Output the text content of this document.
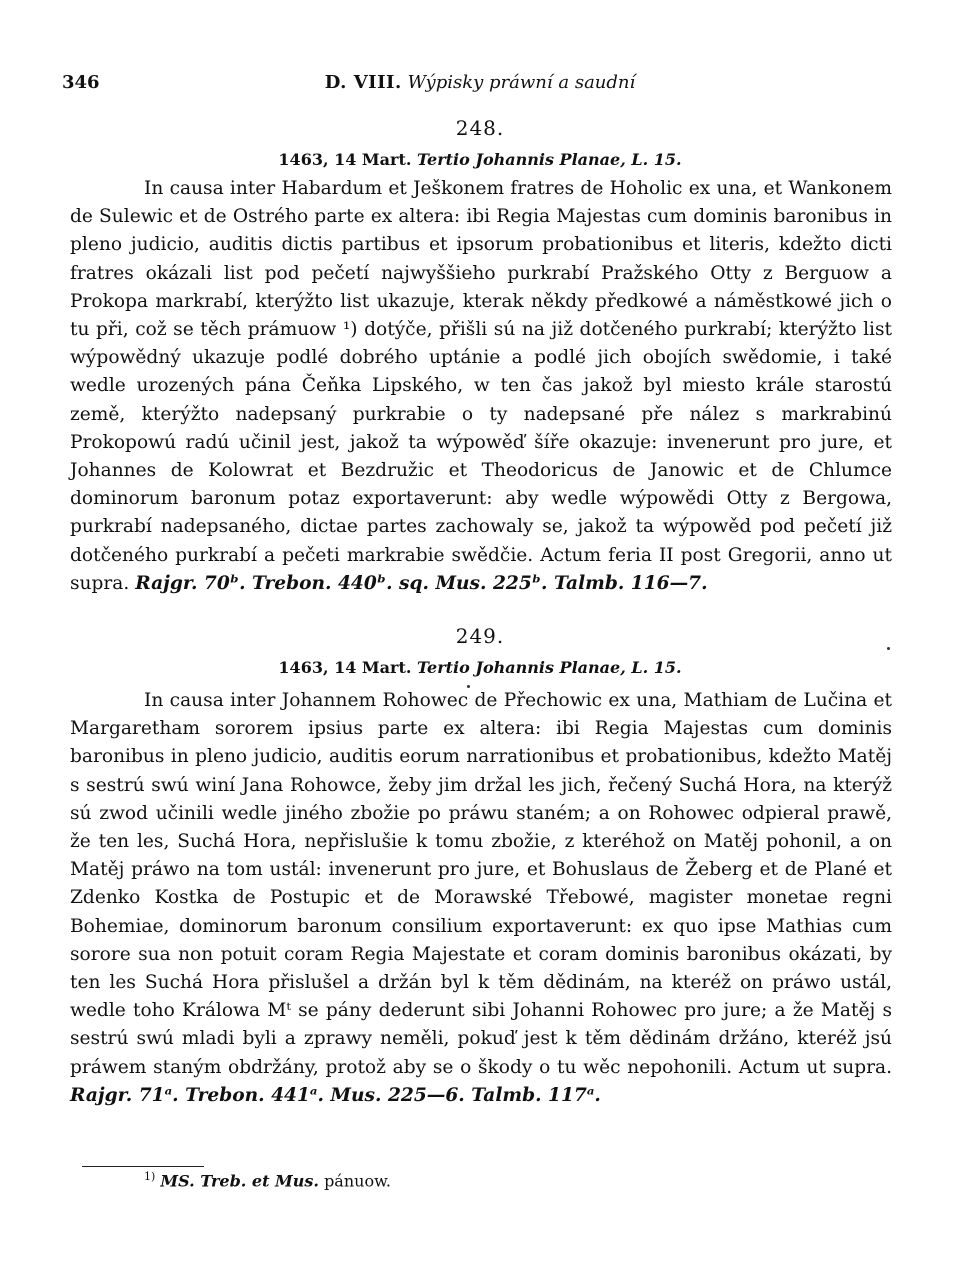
346	D. VIII. Wýpisky práwní a saudní
248.
1463, 14 Mart. Tertio Johannis Planae, L. 15.

In causa inter Habardum et Ješkonem fratres de Hoholic ex una, et Wankonem de Sulewic et de Ostrého parte ex altera: ibi Regia Majestas cum dominis baronibus in pleno judicio, auditis dictis partibus et ipsorum probationibus et literis, kdežto dicti fratres okázali list pod pečetí najwyššieho purkrabí Pražského Otty z Berguow a Prokopa markrabí, kterýžto list ukazuje, kterak někdy předkowé a náměstkowé jich o tu při, což se těch prámuow ¹) dotýče, přišli sú na již dotčeného purkrabí; kterýžto list wýpowědný ukazuje podlé dobrého uptánie a podlé jich obojích swědomie, i také wedle urozených pána Čeňka Lipského, w ten čas jakož byl miesto krále starostú země, kterýžto nadepsaný purkrabie o ty nadepsané pře nález s markrabinú Prokopowú radú učinil jest, jakož ta wýpowěď šíře okazuje: invenerunt pro jure, et Johannes de Kolowrat et Bezdružic et Theodoricus de Janowic et de Chlumce dominorum baronum potaz exportaverunt: aby wedle wýpowědi Otty z Bergowa, purkrabí nadepsaného, dictae partes zachowaly se, jakož ta wýpowěd pod pečetí již dotčeného purkrabí a pečeti markrabie swědčie. Actum feria II post Gregorii, anno ut supra. Rajgr. 70ᵇ. Trebon. 440ᵇ. sq. Mus. 225ᵇ. Talmb. 116—7.

249.
1463, 14 Mart. Tertio Johannis Planae, L. 15.

In causa inter Johannem Rohowec de Přechowic ex una, Mathiam de Lučina et Margaretham sororem ipsius parte ex altera: ibi Regia Majestas cum dominis baronibus in pleno judicio, auditis eorum narrationibus et probationibus, kdežto Matěj s sestrú swú winí Jana Rohowce, žeby jim držal les jich, řečený Suchá Hora, na kterýž sú zwod učinili wedle jiného zbožie po práwu staném; a on Rohowec odpieral prawě, že ten les, Suchá Hora, nepřislušie k tomu zbožie, z kteréhož on Matěj pohonil, a on Matěj práwo na tom ustál: invenerunt pro jure, et Bohuslaus de Žeberg et de Plané et Zdenko Kostka de Postupic et de Morawské Třebowé, magister monetae regni Bohemiae, dominorum baronum consilium exportaverunt: ex quo ipse Mathias cum sorore sua non potuit coram Regia Majestate et coram dominis baronibus okázati, by ten les Suchá Hora přislušel a držán byl k těm dědinám, na kteréž on práwo ustál, wedle toho Králowa Mᵗ se pány dederunt sibi Johanni Rohowec pro jure; a že Matěj s sestrú swú mladi byli a zprawy neměli, pokuď jest k těm dědinám držáno, kteréž jsú práwem staným obdržány, protož aby se o škody o tu wěc nepohonili. Actum ut supra. Rajgr. 71ᵃ. Trebon. 441ᵃ. Mus. 225—6. Talmb. 117ᵃ.

$^{1)}$ MS. Treb. et Mus. pánuow.
